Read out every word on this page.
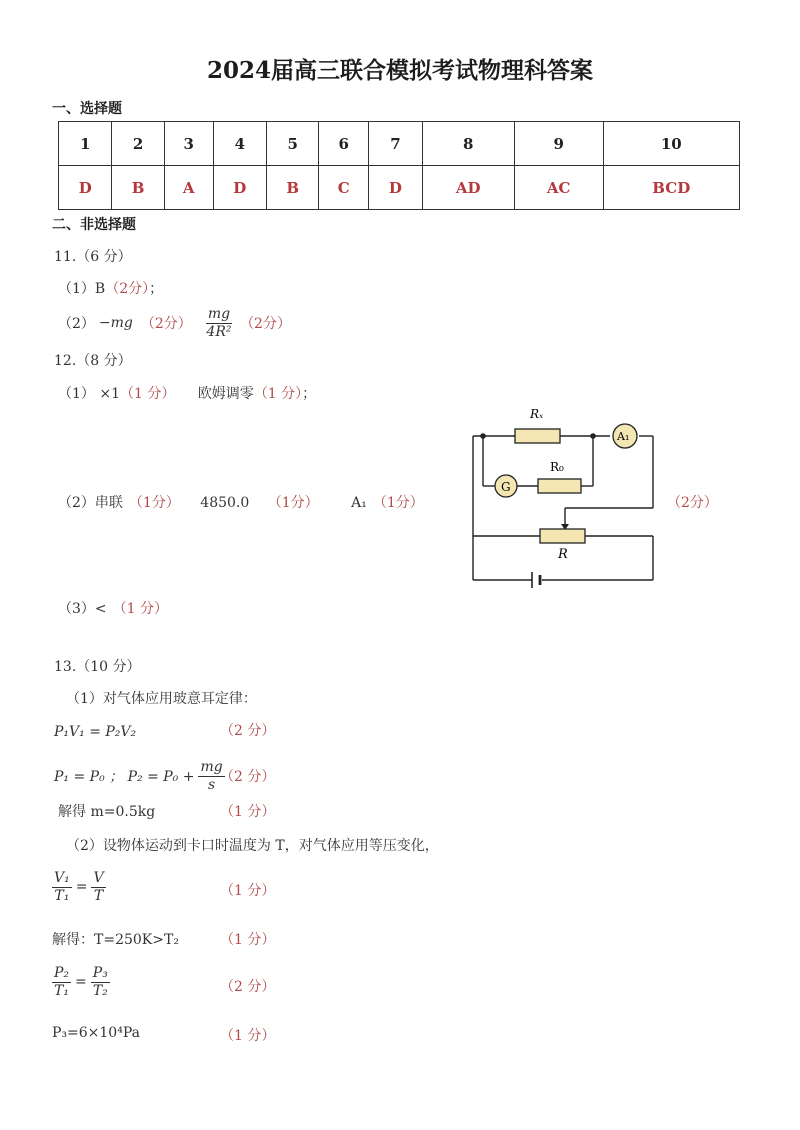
2024届高三联合模拟考试物理科答案
一、选择题
1	2	3	4	5	6	7	8	9	10
D	B	A	D	B	C	D	AD	AC	BCD
二、非选择题
11.（6 分）
（1）B（2分）；
（2） −mg （2分） $\frac{mg}{\text{4R²}} (2$分）
12.（8 分）
（1） ×1（1 分） 欧姆调零（1 分）；
（2）串联 （1分） 4850.0 （1分） A₁ （1分）
Rₓ
R₀
G
A₁
R
（2分）
（3）< （1 分）
13.（10 分）
（1）对气体应用玻意耳定律：
P₁V₁ = P₂V₂	（2 分）
P₁ = P₀ ； $P_2 = P_0 + \frac{mg}{s}$
（2 分）
解得 m=0.5kg	（1 分）
（2）设物体运动到卡口时温度为 T，对气体应用等压变化，
$\frac{\text{V₁}}{\text{T₁}} = \frac{V}{T}$	（1 分）
解得：T=250K>T₂	（1 分）
$\frac{\text{P₂}}{\text{T₁}} = \frac{\text{P₃}}{\text{T₂}}$	（2 分）
P₃=6×10⁴Pa	（1 分）
